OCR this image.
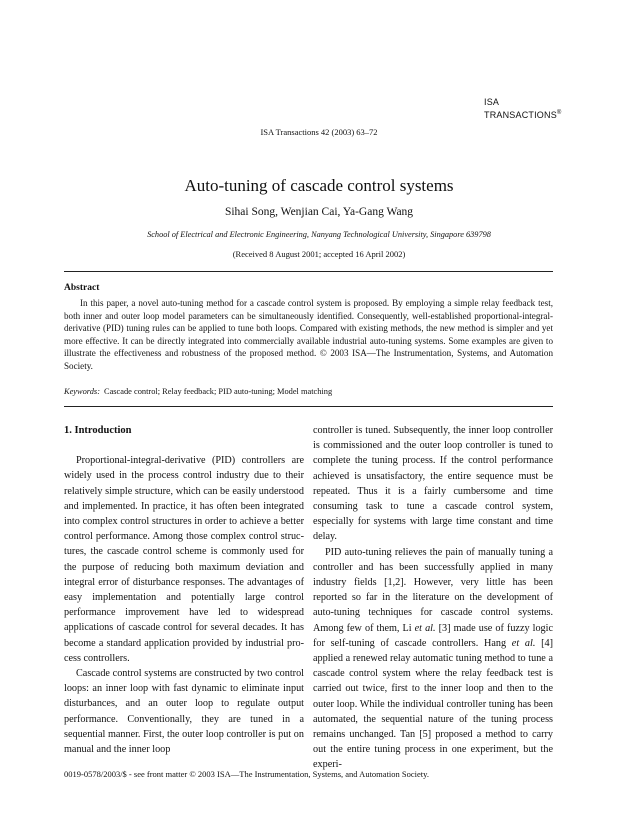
ISA
TRANSACTIONS®
ISA Transactions 42 (2003) 63–72
Auto-tuning of cascade control systems
Sihai Song, Wenjian Cai, Ya-Gang Wang
School of Electrical and Electronic Engineering, Nanyang Technological University, Singapore 639798
(Received 8 August 2001; accepted 16 April 2002)
Abstract
In this paper, a novel auto-tuning method for a cascade control system is proposed. By employing a simple relay feedback test, both inner and outer loop model parameters can be simultaneously identified. Consequently, well-established proportional-integral-derivative (PID) tuning rules can be applied to tune both loops. Compared with existing methods, the new method is simpler and yet more effective. It can be directly integrated into commercially available industrial auto-tuning systems. Some examples are given to illustrate the effectiveness and robustness of the proposed method. © 2003 ISA—The Instrumentation, Systems, and Automation Society.
Keywords: Cascade control; Relay feedback; PID auto-tuning; Model matching
1. Introduction

Proportional-integral-derivative (PID) controllers are widely used in the process control industry due to their relatively simple structure, which can be easily understood and implemented. In practice, it has often been integrated into complex control structures in order to achieve a better control performance. Among those complex control structures, the cascade control scheme is commonly used for the purpose of reducing both maximum deviation and integral error of disturbance responses. The advantages of easy implementation and potentially large control performance improvement have led to widespread applications of cascade control for several decades. It has become a standard application provided by industrial process controllers.

Cascade control systems are constructed by two control loops: an inner loop with fast dynamic to eliminate input disturbances, and an outer loop to regulate output performance. Conventionally, they are tuned in a sequential manner. First, the outer loop controller is put on manual and the inner loop

controller is tuned. Subsequently, the inner loop controller is commissioned and the outer loop controller is tuned to complete the tuning process. If the control performance achieved is unsatisfactory, the entire sequence must be repeated. Thus it is a fairly cumbersome and time consuming task to tune a cascade control system, especially for systems with large time constant and time delay.

PID auto-tuning relieves the pain of manually tuning a controller and has been successfully applied in many industry fields [1,2]. However, very little has been reported so far in the literature on the development of auto-tuning techniques for cascade control systems. Among few of them, Li et al. [3] made use of fuzzy logic for self-tuning of cascade controllers. Hang et al. [4] applied a renewed relay automatic tuning method to tune a cascade control system where the relay feedback test is carried out twice, first to the inner loop and then to the outer loop. While the individual controller tuning has been automated, the sequential nature of the tuning process remains unchanged. Tan [5] proposed a method to carry out the entire tuning process in one experiment, but the experi-

0019-0578/2003/$ - see front matter © 2003 ISA—The Instrumentation, Systems, and Automation Society.
